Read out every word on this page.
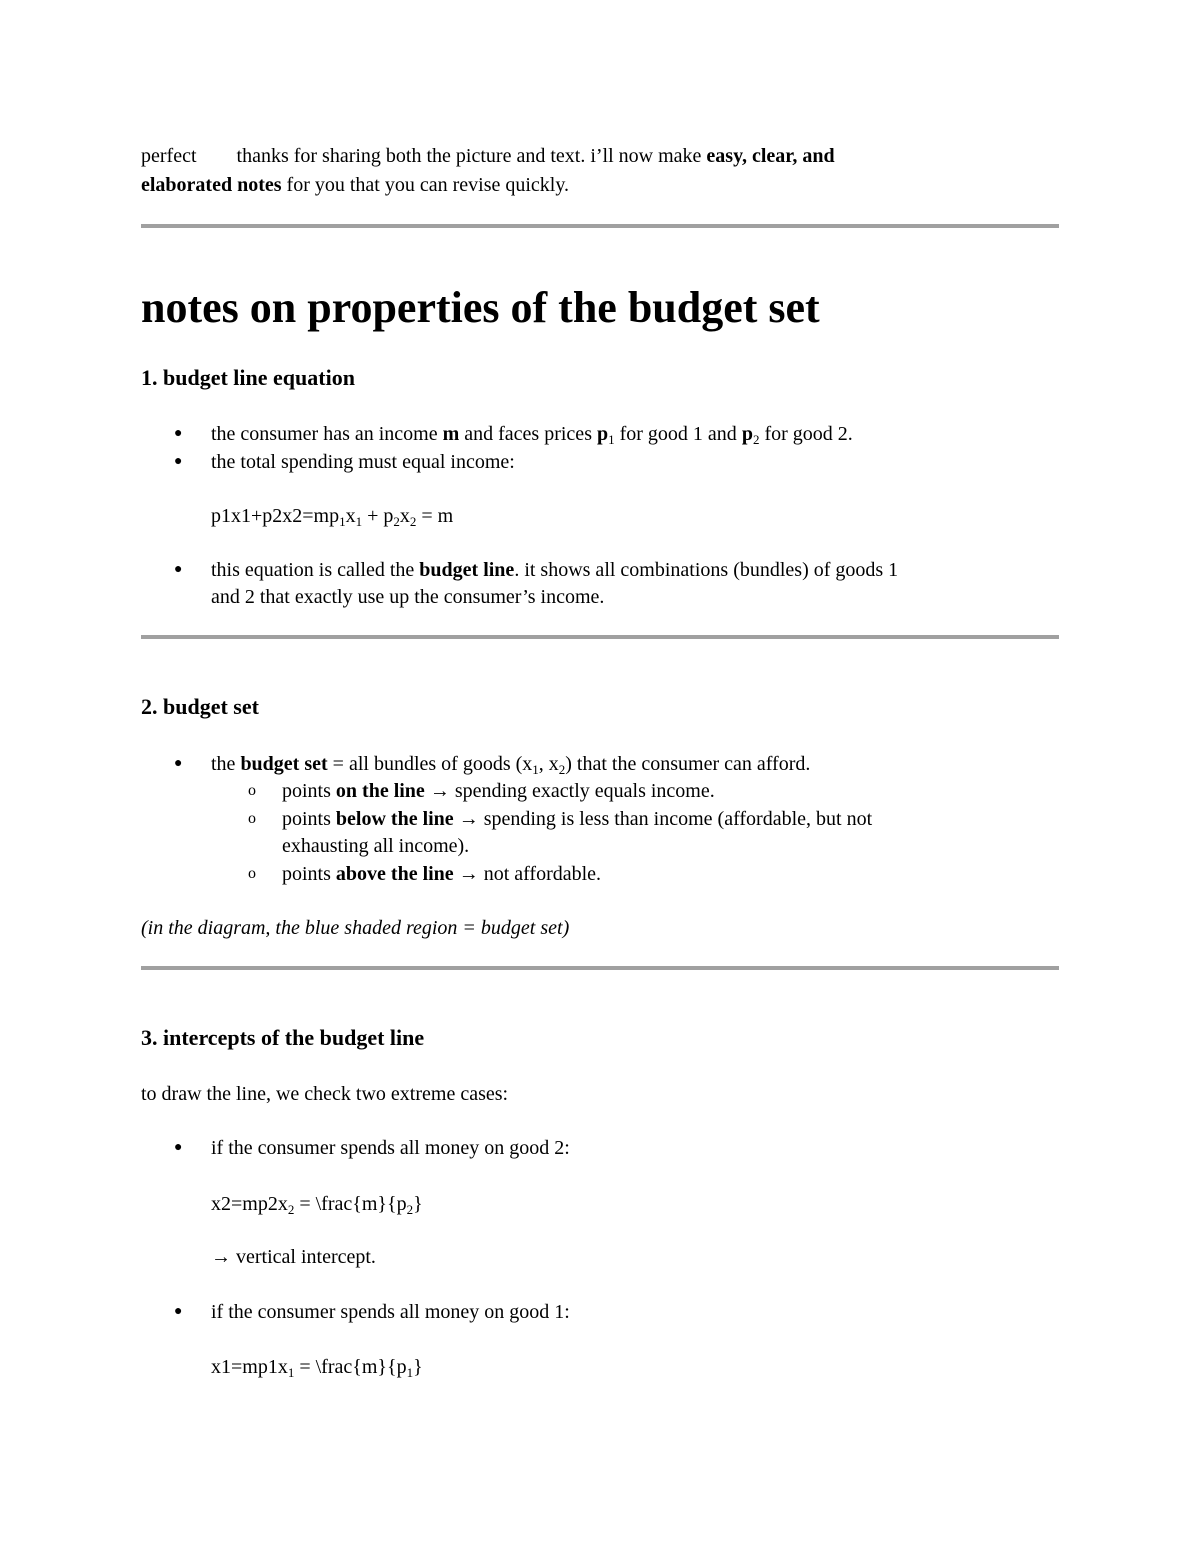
perfect thanks for sharing both the picture and text. i’ll now make easy, clear, and

elaborated notes for you that you can revise quickly.

notes on properties of the budget set
1. budget line equation
● the consumer has an income m and faces prices $p_1$ for good 1 and $p_2$ for good 2.

● the total spending must equal income:

$p1x1+p2x2=mp_1x_1 + p_2x_2 = m$

● this equation is called the budget line. it shows all combinations (bundles) of goods 1

and 2 that exactly use up the consumer’s income.

2. budget set
● the budget set = all bundles of goods ($x_1$, $x_2$) that the consumer can afford.

o points on the line → spending exactly equals income.

o points below the line → spending is less than income (affordable, but not

exhausting all income).

o points above the line → not affordable.

(in the diagram, the blue shaded region = budget set)

3. intercepts of the budget line

to draw the line, we check two extreme cases:

● if the consumer spends all money on good 2:

$x2=mp2x_2$ = $\backslash frac\{m\}\{p_2\}$

→ vertical intercept.

● if the consumer spends all money on good 1:

$x1=mp1x_1$ = $\backslash frac\{m\}\{p_1\}$
